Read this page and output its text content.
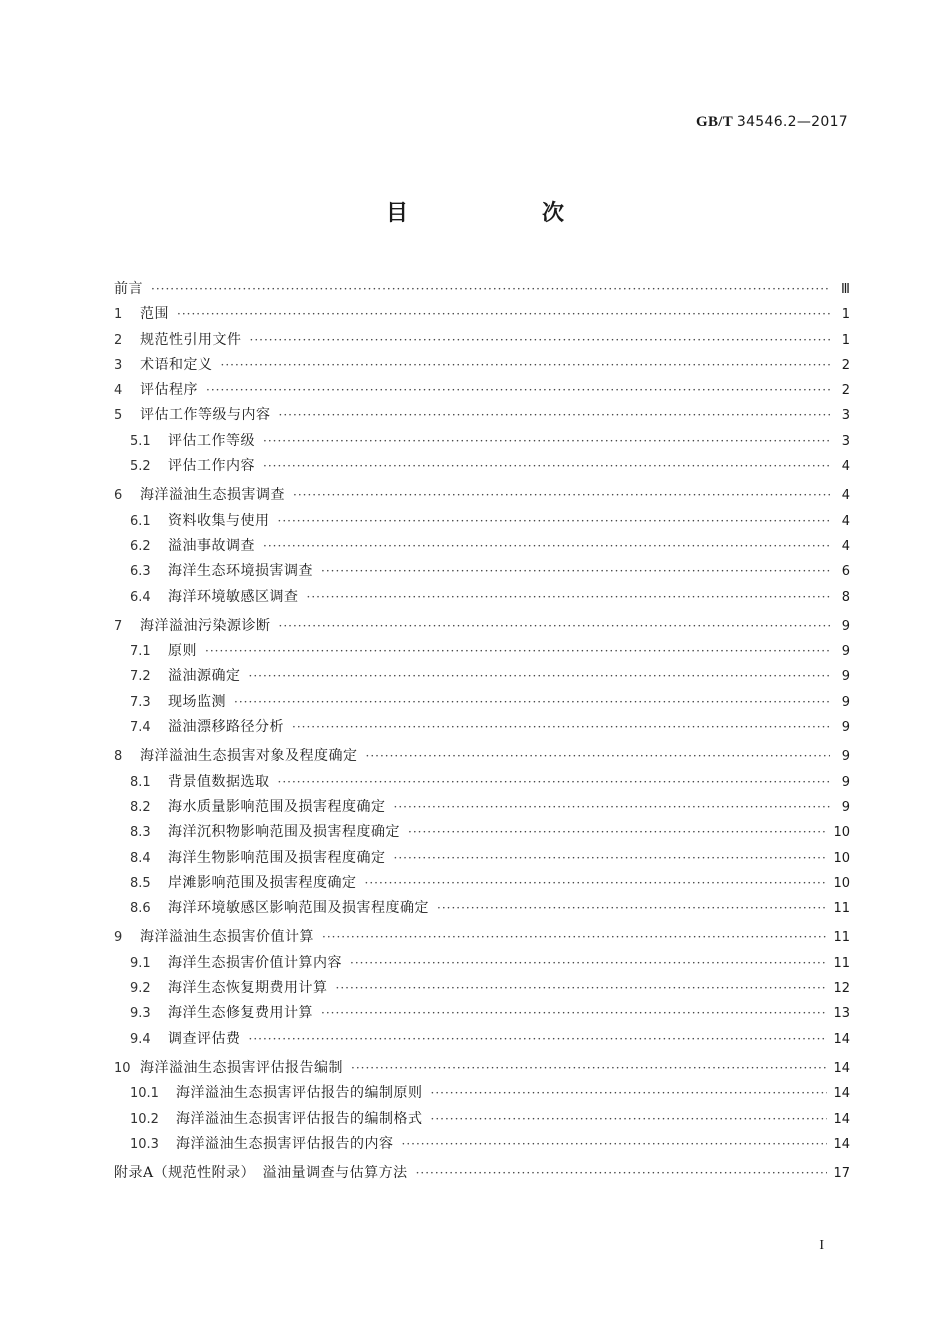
GB/T 34546.2—2017
目　次
前言 ·····	Ⅲ
1	范围 ·····	1
2	规范性引用文件 ·····	1
3	术语和定义 ·····	2
4	评估程序 ·····	2
5	评估工作等级与内容 ·····	3
5.1	评估工作等级 ·····	3
5.2	评估工作内容 ·····	4
6	海洋溢油生态损害调查 ·····	4
6.1	资料收集与使用 ·····	4
6.2	溢油事故调查 ·····	4
6.3	海洋生态环境损害调查 ·····	6
6.4	海洋环境敏感区调查 ·····	8
7	海洋溢油污染源诊断 ·····	9
7.1	原则 ·····	9
7.2	溢油源确定 ·····	9
7.3	现场监测 ·····	9
7.4	溢油漂移路径分析 ·····	9
8	海洋溢油生态损害对象及程度确定 ·····	9
8.1	背景值数据选取 ·····	9
8.2	海水质量影响范围及损害程度确定 ·····	9
8.3	海洋沉积物影响范围及损害程度确定 ·····	10
8.4	海洋生物影响范围及损害程度确定 ·····	10
8.5	岸滩影响范围及损害程度确定 ·····	10
8.6	海洋环境敏感区影响范围及损害程度确定 ·····	11
9	海洋溢油生态损害价值计算 ·····	11
9.1	海洋生态损害价值计算内容 ·····	11
9.2	海洋生态恢复期费用计算 ·····	12
9.3	海洋生态修复费用计算 ·····	13
9.4	调查评估费 ·····	14
10 海洋溢油生态损害评估报告编制 ·····	14
10.1	海洋溢油生态损害评估报告的编制原则 ·····	14
10.2	海洋溢油生态损害评估报告的编制格式 ·····	14
10.3	海洋溢油生态损害评估报告的内容 ·····	14
附录A（规范性附录）　溢油量调查与估算方法 ·····	17
I
